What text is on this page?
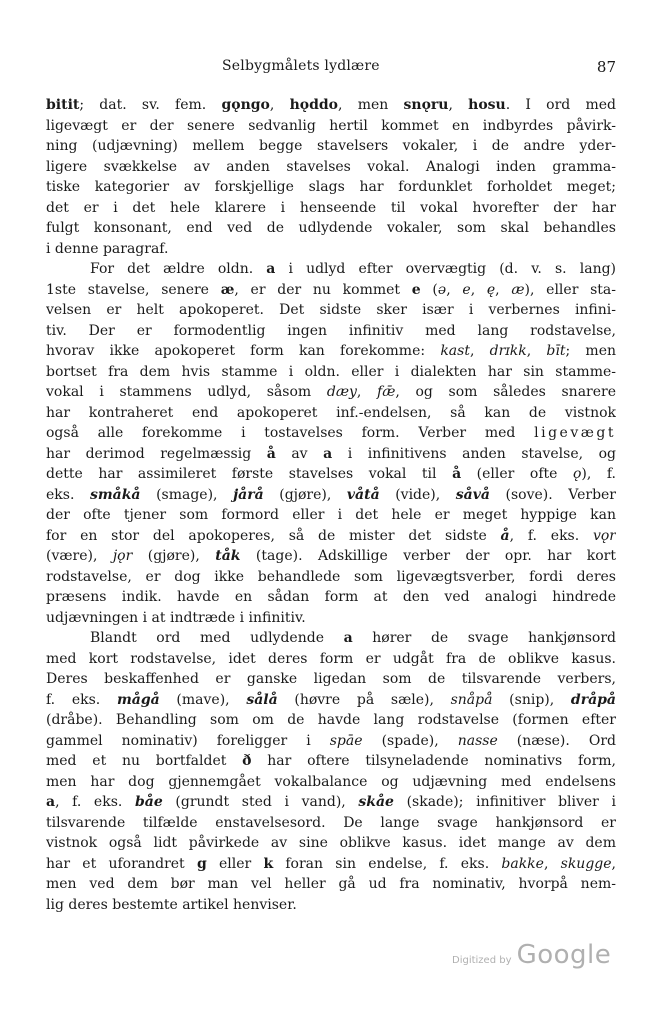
Selbygmålets lydlære	87
bitit; dat. sv. fem. gǫngo, hǫddo, men snǫru, hosu. I ord med
ligevægt er der senere sedvanlig hertil kommet en indbyrdes påvirk-
ning (udjævning) mellem begge stavelsers vokaler, i de andre yder-
ligere svækkelse av anden stavelses vokal. Analogi inden gramma-
tiske kategorier av forskjellige slags har fordunklet forholdet meget;
det er i det hele klarere i henseende til vokal hvorefter der har
fulgt konsonant, end ved de udlydende vokaler, som skal behandles
i denne paragraf.
For det ældre oldn. a i udlyd efter overvægtig (d. v. s. lang)
1ste stavelse, senere æ, er der nu kommet e (ə, e, ę, æ), eller sta-
velsen er helt apokoperet. Det sidste sker især i verbernes infini-
tiv. Der er formodentlig ingen infinitiv med lang rodstavelse,
hvorav ikke apokoperet form kan forekomme: kast, drɪkk, bīt; men
bortset fra dem hvis stamme i oldn. eller i dialekten har sin stamme-
vokal i stammens udlyd, såsom dæy, fǣ, og som således snarere
har kontraheret end apokoperet inf.-endelsen, så kan de vistnok
også alle forekomme i tostavelses form. Verber med ligevægt
har derimod regelmæssig å av a i infinitivens anden stavelse, og
dette har assimileret første stavelses vokal til å (eller ofte ǫ), f.
eks. småkå (smage), jårå (gjøre), våtå (vide), såvå (sove). Verber
der ofte tjener som formord eller i det hele er meget hyppige kan
for en stor del apokoperes, så de mister det sidste å, f. eks. vǫr
(være), jǫr (gjøre), tåk (tage). Adskillige verber der opr. har kort
rodstavelse, er dog ikke behandlede som ligevægtsverber, fordi deres
præsens indik. havde en sådan form at den ved analogi hindrede
udjævningen i at indtræde i infinitiv.
Blandt ord med udlydende a hører de svage hankjønsord
med kort rodstavelse, idet deres form er udgåt fra de oblikve kasus.
Deres beskaffenhed er ganske ligedan som de tilsvarende verbers,
f. eks. mågå (mave), sålå (høvre på sæle), snåpå (snip), dråpå
(dråbe). Behandling som om de havde lang rodstavelse (formen efter
gammel nominativ) foreligger i spāe (spade), nasse (næse). Ord
med et nu bortfaldet ð har oftere tilsyneladende nominativs form,
men har dog gjennemgået vokalbalance og udjævning med endelsens
a, f. eks. båe (grundt sted i vand), skåe (skade); infinitiver bliver i
tilsvarende tilfælde enstavelsesord. De lange svage hankjønsord er
vistnok også lidt påvirkede av sine oblikve kasus. idet mange av dem
har et uforandret g eller k foran sin endelse, f. eks. bakke, skugge,
men ved dem bør man vel heller gå ud fra nominativ, hvorpå nem-
lig deres bestemte artikel henviser.
Digitized by Google
